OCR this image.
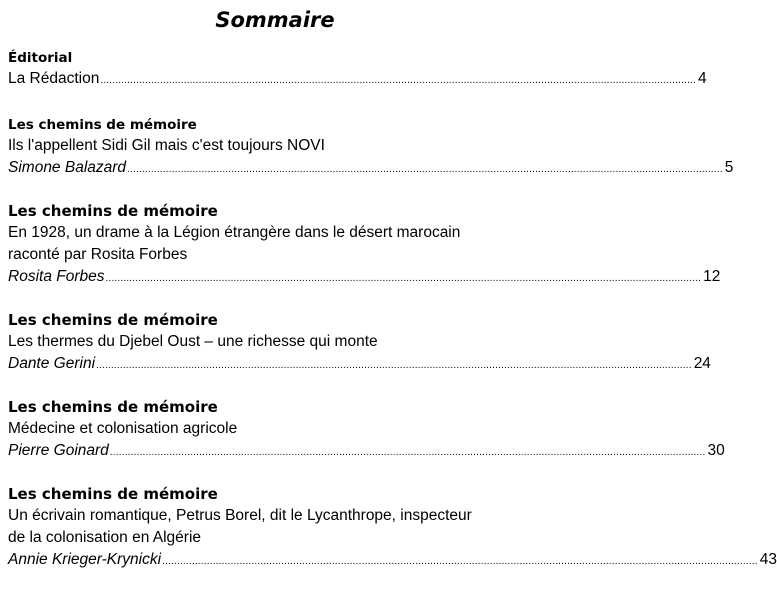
Sommaire
Éditorial
La Rédaction ........................................................................................................................................................................................................ 4
Les chemins de mémoire
Ils l'appellent Sidi Gil mais c'est toujours NOVI
Simone Balazard ........................................................................................................................................................................................................ 5
Les chemins de mémoire
En 1928, un drame à la Légion étrangère dans le désert marocain
raconté par Rosita Forbes
Rosita Forbes ........................................................................................................................................................................................................ 12
Les chemins de mémoire
Les thermes du Djebel Oust – une richesse qui monte
Dante Gerini ........................................................................................................................................................................................................ 24
Les chemins de mémoire
Médecine et colonisation agricole
Pierre Goinard ........................................................................................................................................................................................................ 30
Les chemins de mémoire
Un écrivain romantique, Petrus Borel, dit le Lycanthrope, inspecteur
de la colonisation en Algérie
Annie Krieger-Krynicki ........................................................................................................................................................................................................ 43
